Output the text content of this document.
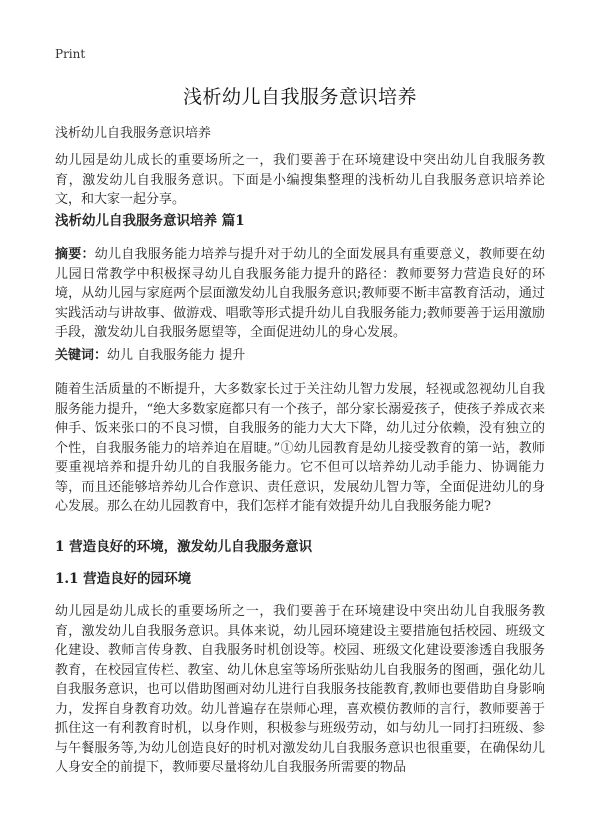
Print
浅析幼儿自我服务意识培养

浅析幼儿自我服务意识培养

幼儿园是幼儿成长的重要场所之一，我们要善于在环境建设中突出幼儿自我服务教育，激发幼儿自我服务意识。下面是小编搜集整理的浅析幼儿自我服务意识培养论文，和大家一起分享。

浅析幼儿自我服务意识培养 篇1

摘要：幼儿自我服务能力培养与提升对于幼儿的全面发展具有重要意义，教师要在幼儿园日常教学中积极探寻幼儿自我服务能力提升的路径：教师要努力营造良好的环境，从幼儿园与家庭两个层面激发幼儿自我服务意识;教师要不断丰富教育活动，通过实践活动与讲故事、做游戏、唱歌等形式提升幼儿自我服务能力;教师要善于运用激励手段，激发幼儿自我服务愿望等，全面促进幼儿的身心发展。

关键词：幼儿 自我服务能力 提升

随着生活质量的不断提升，大多数家长过于关注幼儿智力发展，轻视或忽视幼儿自我服务能力提升，“绝大多数家庭都只有一个孩子，部分家长溺爱孩子，使孩子养成衣来伸手、饭来张口的不良习惯，自我服务的能力大大下降，幼儿过分依赖，没有独立的个性，自我服务能力的培养迫在眉睫。”①幼儿园教育是幼儿接受教育的第一站，教师要重视培养和提升幼儿的自我服务能力。它不但可以培养幼儿动手能力、协调能力等，而且还能够培养幼儿合作意识、责任意识，发展幼儿智力等，全面促进幼儿的身心发展。那么在幼儿园教育中，我们怎样才能有效提升幼儿自我服务能力呢?

1 营造良好的环境，激发幼儿自我服务意识

1.1 营造良好的园环境

幼儿园是幼儿成长的重要场所之一，我们要善于在环境建设中突出幼儿自我服务教育，激发幼儿自我服务意识。具体来说，幼儿园环境建设主要措施包括校园、班级文化建设、教师言传身教、自我服务时机创设等。校园、班级文化建设要渗透自我服务教育，在校园宣传栏、教室、幼儿休息室等场所张贴幼儿自我服务的图画，强化幼儿自我服务意识，也可以借助图画对幼儿进行自我服务技能教育,教师也要借助自身影响力，发挥自身教育功效。幼儿普遍存在崇师心理，喜欢模仿教师的言行，教师要善于抓住这一有利教育时机，以身作则，积极参与班级劳动，如与幼儿一同打扫班级、参与午餐服务等,为幼儿创造良好的时机对激发幼儿自我服务意识也很重要，在确保幼儿人身安全的前提下，教师要尽量将幼儿自我服务所需要的物品
